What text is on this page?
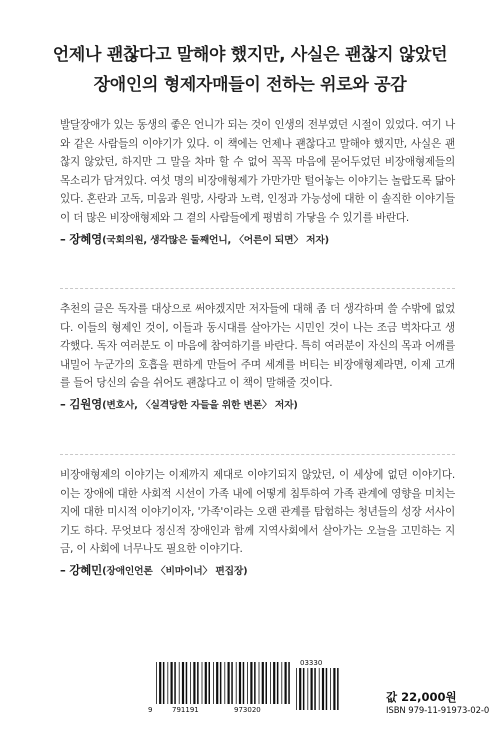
언제나 괜찮다고 말해야 했지만, 사실은 괜찮지 않았던
장애인의 형제자매들이 전하는 위로와 공감

발달장애가 있는 동생의 좋은 언니가 되는 것이 인생의 전부였던 시절이 있었다. 여기 나와 같은 사람들의 이야기가 있다. 이 책에는 언제나 괜찮다고 말해야 했지만, 사실은 괜찮지 않았던, 하지만 그 말을 차마 할 수 없어 꼭꼭 마음에 묻어두었던 비장애형제들의 목소리가 담겨있다. 여섯 명의 비장애형제가 가만가만 털어놓는 이야기는 놀랍도록 닮아있다. 혼란과 고독, 미움과 원망, 사랑과 노력, 인정과 가능성에 대한 이 솔직한 이야기들이 더 많은 비장애형제와 그 곁의 사람들에게 평범히 가닿을 수 있기를 바란다.

– 장혜영(국회의원, 생각많은 둘째언니, 〈어른이 되면〉 저자)

추천의 글은 독자를 대상으로 써야겠지만 저자들에 대해 좀 더 생각하며 쓸 수밖에 없었다. 이들의 형제인 것이, 이들과 동시대를 살아가는 시민인 것이 나는 조금 벅차다고 생각했다. 독자 여러분도 이 마음에 참여하기를 바란다. 특히 여러분이 자신의 목과 어깨를 내밀어 누군가의 호흡을 편하게 만들어 주며 세계를 버티는 비장애형제라면, 이제 고개를 들어 당신의 숨을 쉬어도 괜찮다고 이 책이 말해줄 것이다.

– 김원영(변호사, 〈실격당한 자들을 위한 변론〉 저자)

비장애형제의 이야기는 이제까지 제대로 이야기되지 않았던, 이 세상에 없던 이야기다. 이는 장애에 대한 사회적 시선이 가족 내에 어떻게 침투하여 가족 관계에 영향을 미치는지에 대한 미시적 이야기이자, '가족'이라는 오랜 관계를 탐험하는 청년들의 성장 서사이기도 하다. 무엇보다 정신적 장애인과 함께 지역사회에서 살아가는 오늘을 고민하는 지금, 이 사회에 너무나도 필요한 이야기다.

– 강혜민(장애인언론 〈비마이너〉 편집장)
03330
9	791191	973020
값 22,000원
ISBN 979-11-91973-02-0
